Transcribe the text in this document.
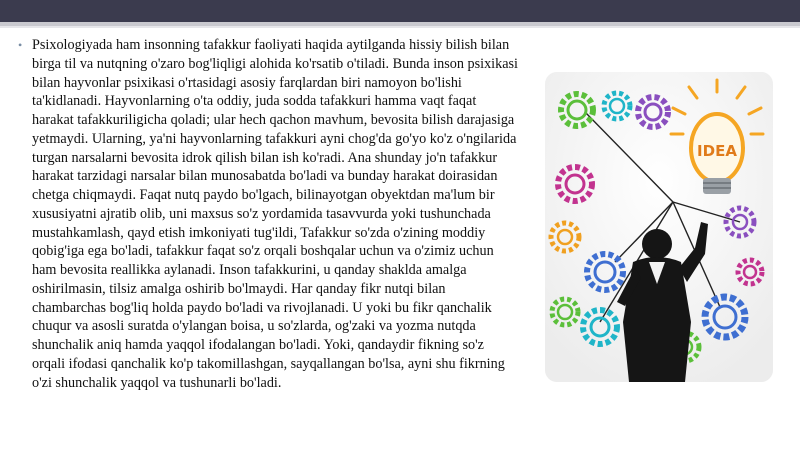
• Psixologiyada ham insonning tafakkur faoliyati haqida aytilganda hissiy bilish bilan birga til va nutqning o'zaro bog'liqligi alohida ko'rsatib o'tiladi. Bunda inson psixikasi bilan hayvonlar psixikasi o'rtasidagi asosiy farqlardan biri namoyon bo'lishi ta'kidlanadi. Hayvonlarning o'ta oddiy, juda sodda tafakkuri hamma vaqt faqat harakat tafakkuriligicha qoladi; ular hech qachon mavhum, bevosita bilish darajasiga yetmaydi. Ularning, ya'ni hayvonlarning tafakkuri ayni chog'da go'yo ko'z o'ngilarida turgan narsalarni bevosita idrok qilish bilan ish ko'radi. Ana shunday jo'n tafakkur harakat tarzidagi narsalar bilan munosabatda bo'ladi va bunday harakat doirasidan chetga chiqmaydi. Faqat nutq paydo bo'lgach, bilinayotgan obyektdan ma'lum bir xususiyatni ajratib olib, uni maxsus so'z yordamida tasavvurda yoki tushunchada mustahkamlash, qayd etish imkoniyati tug'ildi, Tafakkur so'zda o'zining moddiy qobig'iga ega bo'ladi, tafakkur faqat so'z orqali boshqalar uchun va o'zimiz uchun ham bevosita reallikka aylanadi. Inson tafakkurini, u qanday shaklda amalga oshirilmasin, tilsiz amalga oshirib bo'lmaydi. Har qanday fikr nutqi bilan chambarchas bog'liq holda paydo bo'ladi va rivojlanadi. U yoki bu fikr qanchalik chuqur va asosli suratda o'ylangan boisa, u so'zlarda, og'zaki va yozma nutqda shunchalik aniq hamda yaqqol ifodalangan bo'ladi. Yoki, qandaydir fikning so'z orqali ifodasi qanchalik ko'p takomillashgan, sayqallangan bo'lsa, ayni shu fikrning o'zi shunchalik yaqqol va tushunarli bo'ladi.
IDEA
